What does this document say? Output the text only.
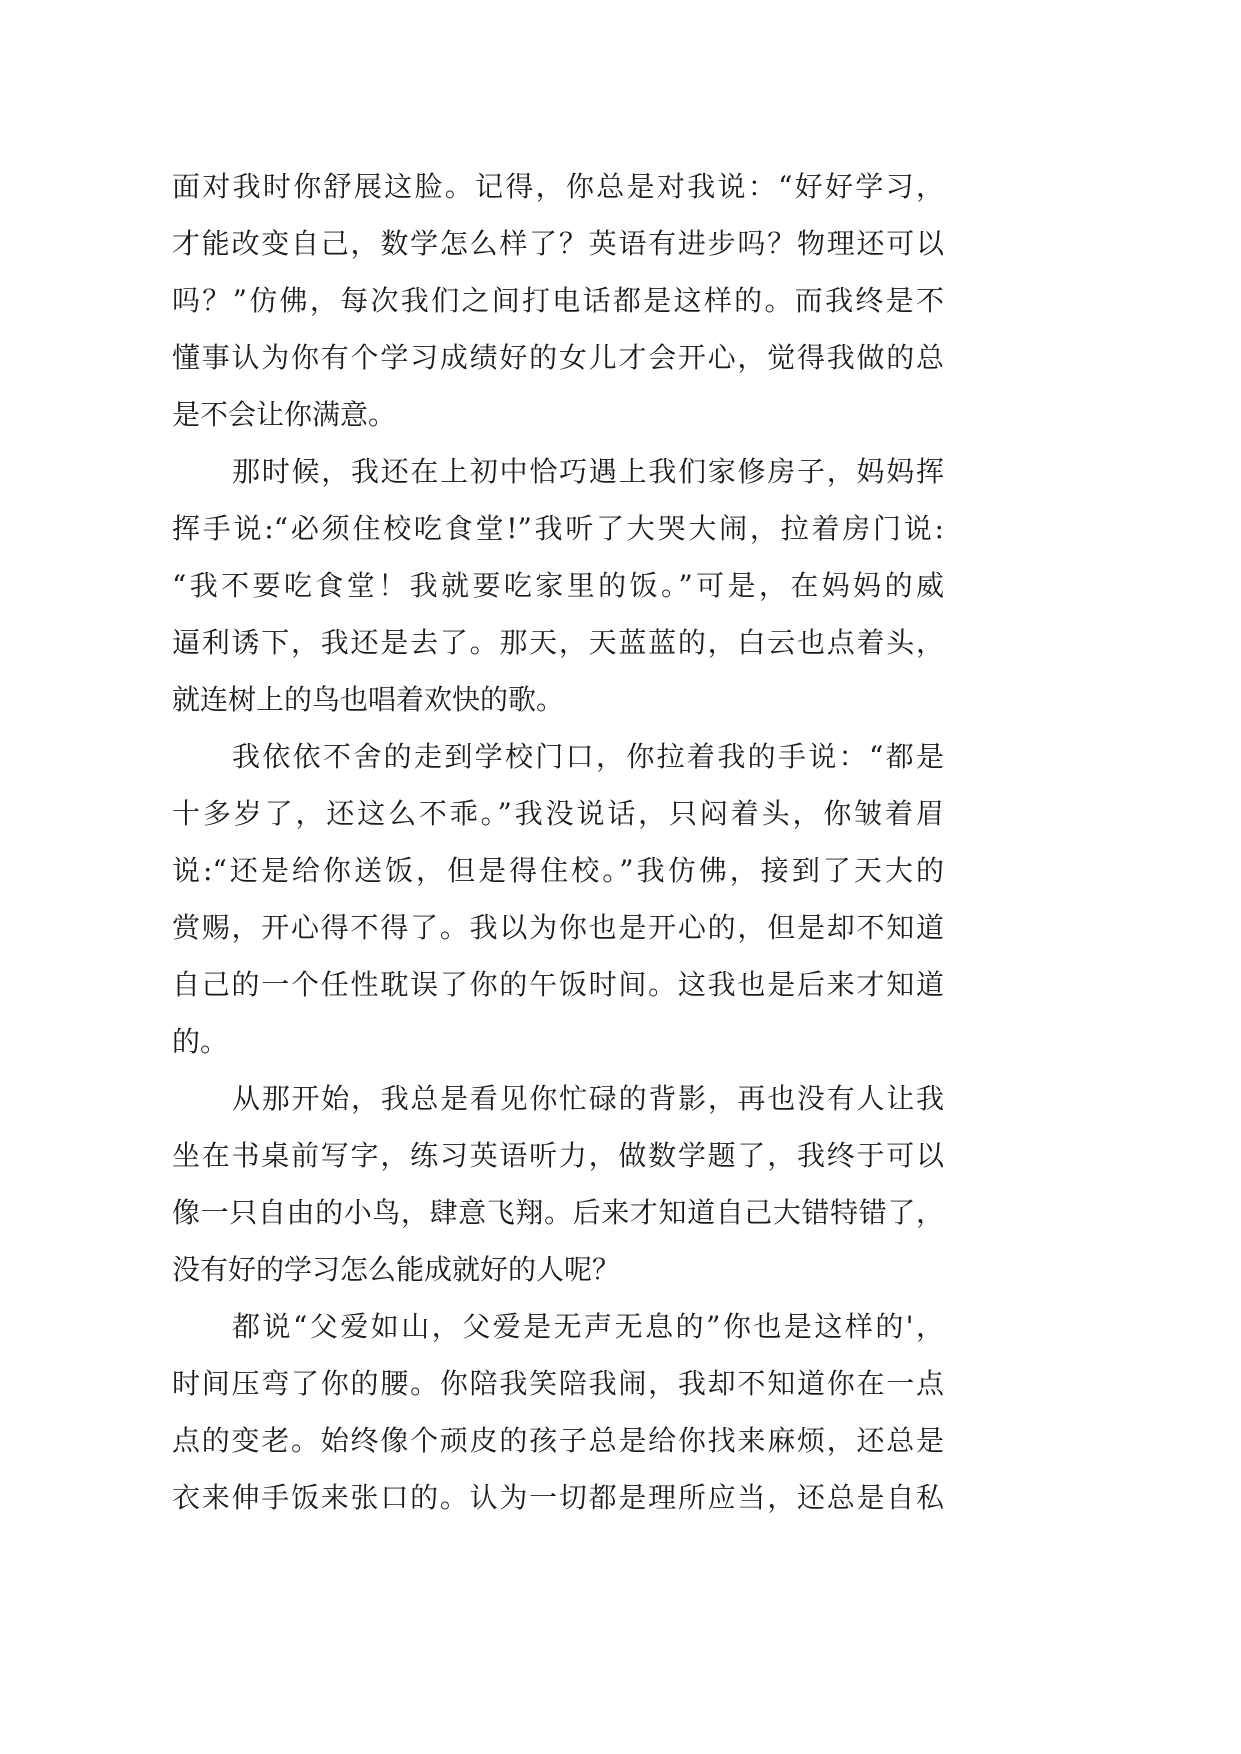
面对我时你舒展这脸。记得，你总是对我说：“好好学习，
才能改变自己，数学怎么样了？英语有进步吗？物理还可以
吗？”仿佛，每次我们之间打电话都是这样的。而我终是不
懂事认为你有个学习成绩好的女儿才会开心，觉得我做的总
是不会让你满意。
那时候，我还在上初中恰巧遇上我们家修房子，妈妈挥
挥手说:“必须住校吃食堂!”我听了大哭大闹，拉着房门说:
“我不要吃食堂！我就要吃家里的饭。”可是，在妈妈的威
逼利诱下，我还是去了。那天，天蓝蓝的，白云也点着头，
就连树上的鸟也唱着欢快的歌。
我依依不舍的走到学校门口，你拉着我的手说：“都是
十多岁了，还这么不乖。”我没说话，只闷着头，你皱着眉
说:“还是给你送饭，但是得住校。”我仿佛，接到了天大的
赏赐，开心得不得了。我以为你也是开心的，但是却不知道
自己的一个任性耽误了你的午饭时间。这我也是后来才知道
的。
从那开始，我总是看见你忙碌的背影，再也没有人让我
坐在书桌前写字，练习英语听力，做数学题了，我终于可以
像一只自由的小鸟，肆意飞翔。后来才知道自己大错特错了，
没有好的学习怎么能成就好的人呢？
都说“父爱如山，父爱是无声无息的”你也是这样的'，
时间压弯了你的腰。你陪我笑陪我闹，我却不知道你在一点
点的变老。始终像个顽皮的孩子总是给你找来麻烦，还总是
衣来伸手饭来张口的。认为一切都是理所应当，还总是自私
